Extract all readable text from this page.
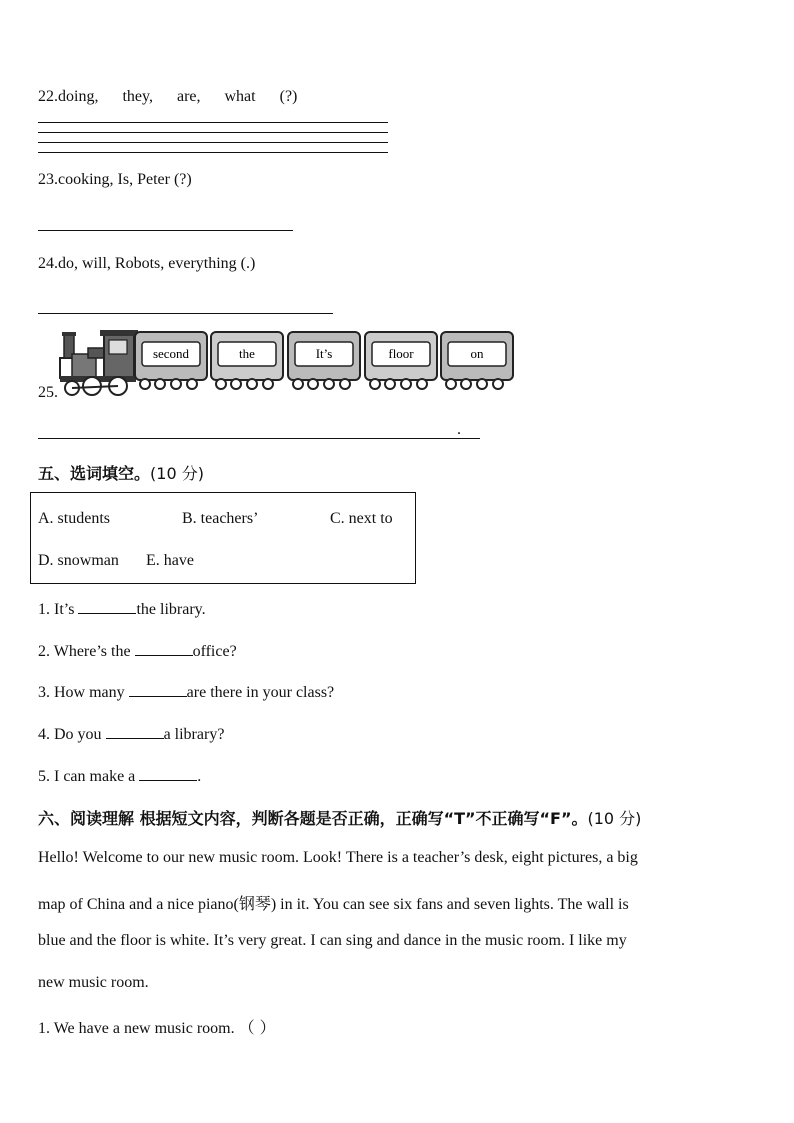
22.doing, they, are, what (?)
23.cooking, Is, Peter (?)
24.do, will, Robots, everything (.)
25.
second	the	It’s	floor	on
.
五、选词填空。(10 分)
A. students	B. teachers’	C. next to
D. snowman E. have
1. It’s	the library.
2. Where’s the	office?
3. How many	are there in your class?
4. Do you	a library?
5. I can make a	.
六、阅读理解 根据短文内容，判断各题是否正确，正确写“T”不正确写“F”。(10 分)
Hello! Welcome to our new music room. Look! There is a teacher’s desk, eight pictures, a big
map of China and a nice piano(钢琴) in it. You can see six fans and seven lights. The wall is
blue and the floor is white. It’s very great. I can sing and dance in the music room. I like my
new music room.
1. We have a new music room. （ ）
